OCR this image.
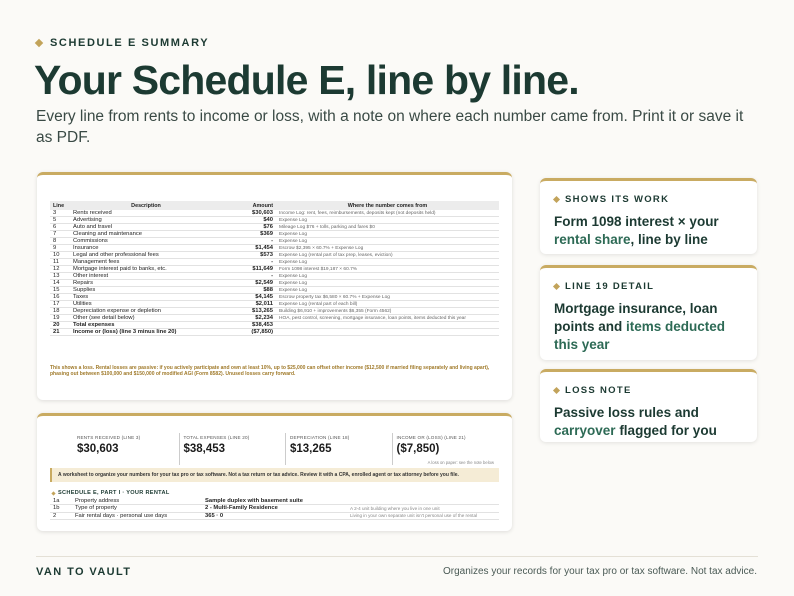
SCHEDULE E SUMMARY
Your Schedule E, line by line.

Every line from rents to income or loss, with a note on where each number came from. Print it or save it as PDF.

Line	Description	Amount	Where the number comes from
3	Rents received	$30,603	Income Log: rent, fees, reimbursements, deposits kept (not deposits held)
5	Advertising	$40	Expense Log
6	Auto and travel	$76	Mileage Log $76 + tolls, parking and fares $0
7	Cleaning and maintenance	$369	Expense Log
8	Commissions	-	Expense Log
9	Insurance	$1,454	Escrow $2,395 × 60.7% + Expense Log
10	Legal and other professional fees	$573	Expense Log (rental part of tax prep, leases, eviction)
11	Management fees	-	Expense Log
12	Mortgage interest paid to banks, etc.	$11,649	Form 1098 interest $19,187 × 60.7%
13	Other interest	-	Expense Log
14	Repairs	$2,549	Expense Log
15	Supplies	$88	Expense Log
16	Taxes	$4,145	Escrow property tax $6,580 × 60.7% + Expense Log
17	Utilities	$2,011	Expense Log (rental part of each bill)
18	Depreciation expense or depletion	$13,265	Building $6,910 + improvements $6,355 (Form 4562)
19	Other (see detail below)	$2,234	HOA, pest control, screening, mortgage insurance, loan points, items deducted this year
20	Total expenses	$38,453	
21	Income or (loss) (line 3 minus line 20)	($7,850)	

This shows a loss. Rental losses are passive: if you actively participate and own at least 10%, up to $25,000 can offset other income ($12,500 if married filing separately and living apart), phasing out between $100,000 and $150,000 of modified AGI (Form 8582). Unused losses carry forward.

RENTS RECEIVED (LINE 3)
$30,603
TOTAL EXPENSES (LINE 20)
$38,453
DEPRECIATION (LINE 18)
$13,265
INCOME OR (LOSS) (LINE 21)
($7,850)
A loss on paper: see the note below
A worksheet to organize your numbers for your tax pro or tax software. Not a tax return or tax advice. Review it with a CPA, enrolled agent or tax attorney before you file.
SCHEDULE E, PART I · YOUR RENTAL
1a	Property address	Sample duplex with basement suite	
1b	Type of property	2 - Multi-Family Residence	A 2-4 unit building where you live in one unit
2	Fair rental days · personal use days	365 · 0	Living in your own separate unit isn't personal use of the rental
SHOWS ITS WORK
Form 1098 interest × your rental share, line by line
LINE 19 DETAIL
Mortgage insurance, loan points and items deducted this year
LOSS NOTE
Passive loss rules and carryover flagged for you
VAN TO VAULT	Organizes your records for your tax pro or tax software. Not tax advice.
